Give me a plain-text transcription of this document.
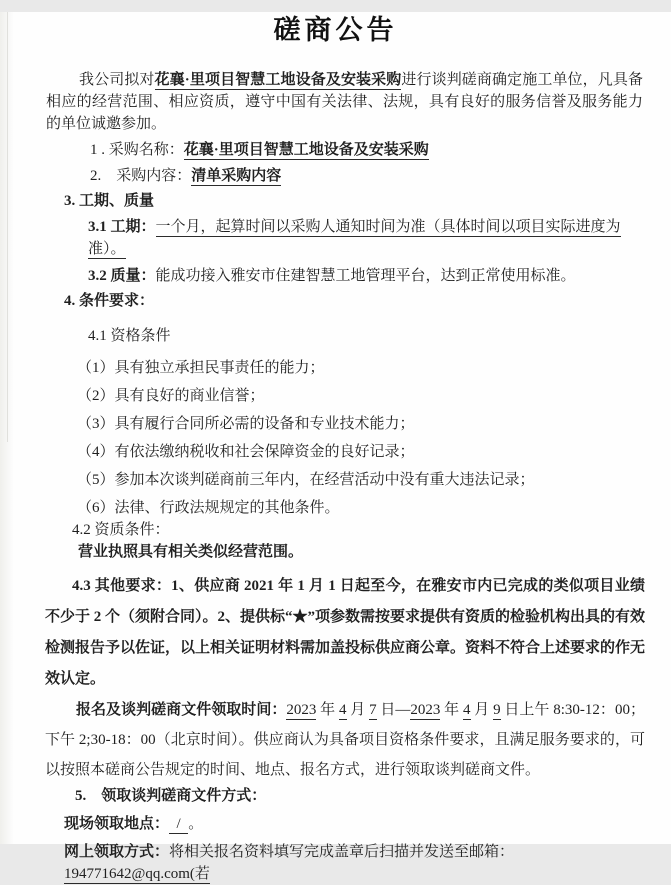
磋商公告

我公司拟对花襄·里项目智慧工地设备及安装采购进行谈判磋商确定施工单位，凡具备相应的经营范围、相应资质，遵守中国有关法律、法规，具有良好的服务信誉及服务能力的单位诚邀参加。

1 . 采购名称：花襄·里项目智慧工地设备及安装采购
2.　采购内容：清单采购内容
3. 工期、质量
3.1 工期：一个月，起算时间以采购人通知时间为准（具体时间以项目实际进度为准）。
3.2 质量：能成功接入雅安市住建智慧工地管理平台，达到正常使用标准。
4. 条件要求：
4.1 资格条件
（1）具有独立承担民事责任的能力；
（2）具有良好的商业信誉；
（3）具有履行合同所必需的设备和专业技术能力；
（4）有依法缴纳税收和社会保障资金的良好记录；
（5）参加本次谈判磋商前三年内，在经营活动中没有重大违法记录；
（6）法律、行政法规规定的其他条件。
4.2 资质条件：
营业执照具有相关类似经营范围。

4.3 其他要求：1、供应商 2021 年 1 月 1 日起至今，在雅安市内已完成的类似项目业绩不少于 2 个（须附合同）。2、提供标“★”项参数需按要求提供有资质的检验机构出具的有效检测报告予以佐证，以上相关证明材料需加盖投标供应商公章。资料不符合上述要求的作无效认定。

报名及谈判磋商文件领取时间：2023 年 4 月 7 日—2023 年 4 月 9 日上午 8:30-12：00；下午 2;30-18：00（北京时间）。供应商认为具备项目资格条件要求，且满足服务要求的，可以按照本磋商公告规定的时间、地点、报名方式，进行领取谈判磋商文件。

5.　领取谈判磋商文件方式：
现场领取地点：  /  。
网上领取方式：将相关报名资料填写完成盖章后扫描并发送至邮箱：194771642@qq.com(若
